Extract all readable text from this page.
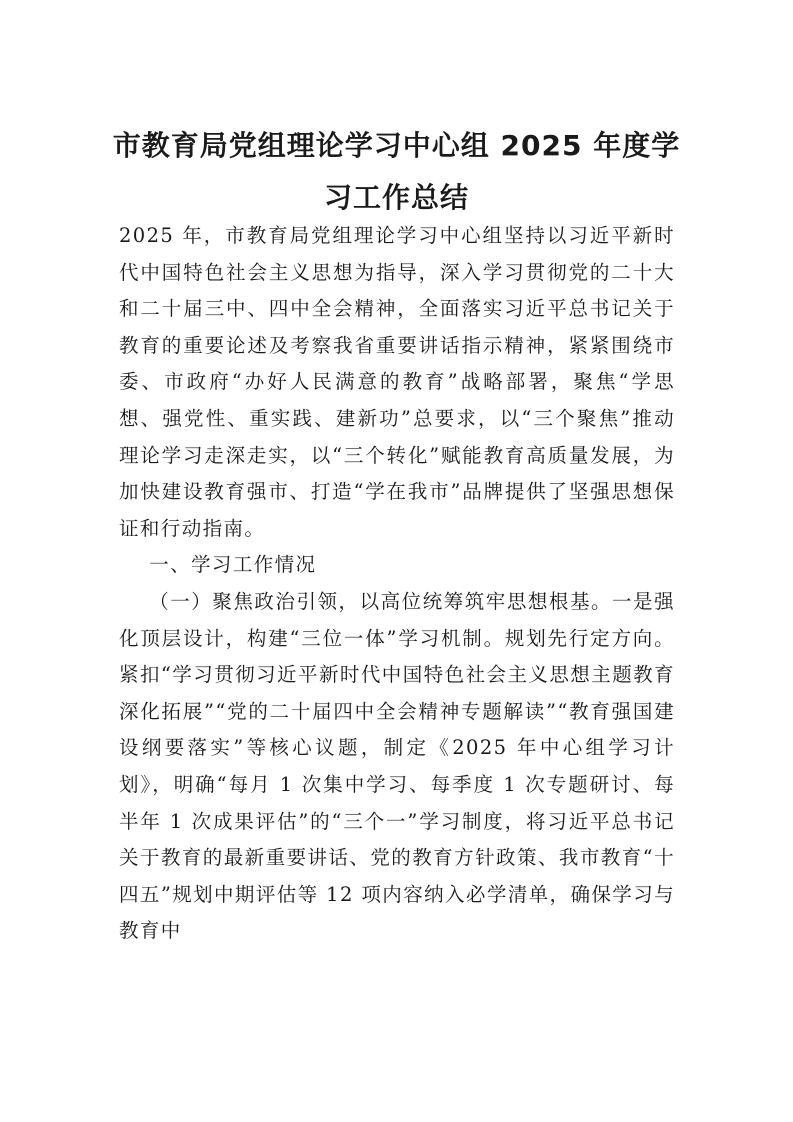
市教育局党组理论学习中心组 2025 年度学习工作总结

2025 年，市教育局党组理论学习中心组坚持以习近平新时代中国特色社会主义思想为指导，深入学习贯彻党的二十大和二十届三中、四中全会精神，全面落实习近平总书记关于教育的重要论述及考察我省重要讲话指示精神，紧紧围绕市委、市政府“办好人民满意的教育”战略部署，聚焦“学思想、强党性、重实践、建新功”总要求，以“三个聚焦”推动理论学习走深走实，以“三个转化”赋能教育高质量发展，为加快建设教育强市、打造“学在我市”品牌提供了坚强思想保证和行动指南。

一、学习工作情况

（一）聚焦政治引领，以高位统筹筑牢思想根基。一是强化顶层设计，构建“三位一体”学习机制。规划先行定方向。紧扣“学习贯彻习近平新时代中国特色社会主义思想主题教育深化拓展”“党的二十届四中全会精神专题解读”“教育强国建设纲要落实”等核心议题，制定《2025 年中心组学习计划》，明确“每月 1 次集中学习、每季度 1 次专题研讨、每半年 1 次成果评估”的“三个一”学习制度，将习近平总书记关于教育的最新重要讲话、党的教育方针政策、我市教育“十四五”规划中期评估等 12 项内容纳入必学清单，确保学习与教育中
